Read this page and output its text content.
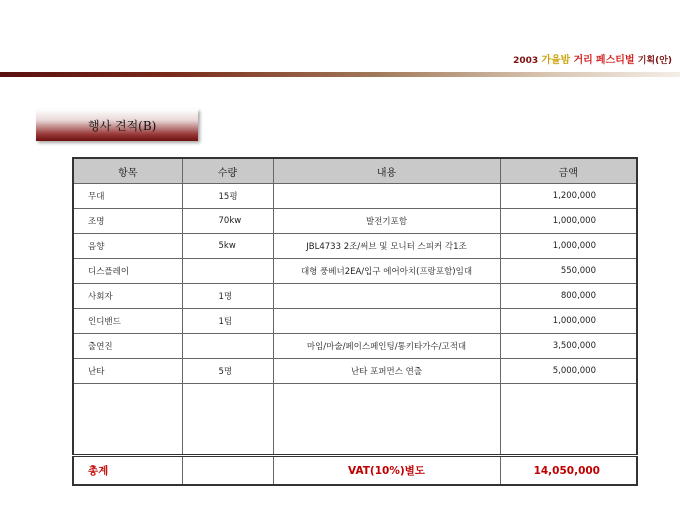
2003 가을밤 거리 페스티벌 기획(안)
행사 견적(B)
항목	수량	내용	금액
무대	15평		1,200,000
조명	70kw	발전기포함	1,000,000
음향	5kw	JBL4733 2조/써브 및 모니터 스피커 각1조	1,000,000
디스플레이		대형 풍베너2EA/입구 에어아치(프랑포함)임대	550,000
사회자	1명		800,000
인디밴드	1팀		1,000,000
출연진		마임/마술/페이스페인팅/통키타가수/고적대	3,500,000
난타	5명	난타 포퍼먼스 연출	5,000,000

총계		VAT(10%)별도	14,050,000
